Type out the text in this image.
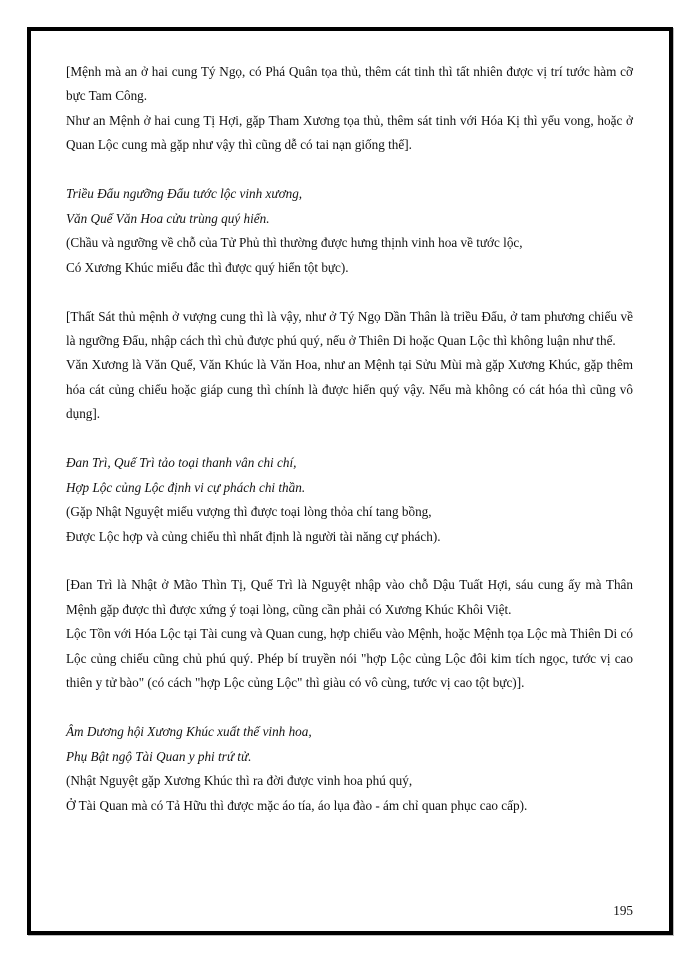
[Mệnh mà an ở hai cung Tý Ngọ, có Phá Quân tọa thủ, thêm cát tinh thì tất nhiên được vị trí tước hàm cỡ bực Tam Công.

Như an Mệnh ở hai cung Tị Hợi, gặp Tham Xương tọa thủ, thêm sát tinh với Hóa Kị thì yểu vong, hoặc ở Quan Lộc cung mà gặp như vậy thì cũng dễ có tai nạn giống thế].

Triều Đẩu ngưỡng Đẩu tước lộc vinh xương,
Văn Quế Văn Hoa cửu trùng quý hiển.
(Chầu và ngưỡng về chỗ của Tử Phủ thì thường được hưng thịnh vinh hoa về tước lộc,
Có Xương Khúc miếu đắc thì được quý hiển tột bực).

[Thất Sát thủ mệnh ở vượng cung thì là vậy, như ở Tý Ngọ Dần Thân là triều Đẩu, ở tam phương chiếu về là ngưỡng Đẩu, nhập cách thì chủ được phú quý, nếu ở Thiên Di hoặc Quan Lộc thì không luận như thế.

Văn Xương là Văn Quế, Văn Khúc là Văn Hoa, như an Mệnh tại Sửu Mùi mà gặp Xương Khúc, gặp thêm hóa cát củng chiếu hoặc giáp cung thì chính là được hiển quý vậy. Nếu mà không có cát hóa thì cũng vô dụng].

Đan Trì, Quế Trì tảo toại thanh vân chi chí,
Hợp Lộc củng Lộc định vi cự phách chi thần.
(Gặp Nhật Nguyệt miếu vượng thì được toại lòng thỏa chí tang bồng,
Được Lộc hợp và củng chiếu thì nhất định là người tài năng cự phách).

[Đan Trì là Nhật ở Mão Thìn Tị, Quế Trì là Nguyệt nhập vào chỗ Dậu Tuất Hợi, sáu cung ấy mà Thân Mệnh gặp được thì được xứng ý toại lòng, cũng cần phải có Xương Khúc Khôi Việt.

Lộc Tồn với Hóa Lộc tại Tài cung và Quan cung, hợp chiếu vào Mệnh, hoặc Mệnh tọa Lộc mà Thiên Di có Lộc củng chiếu cũng chủ phú quý. Phép bí truyền nói "hợp Lộc củng Lộc đôi kim tích ngọc, tước vị cao thiên y tử bào" (có cách "hợp Lộc củng Lộc" thì giàu có vô cùng, tước vị cao tột bực)].

Âm Dương hội Xương Khúc xuất thế vinh hoa,
Phụ Bật ngộ Tài Quan y phi trứ tử.
(Nhật Nguyệt gặp Xương Khúc thì ra đời được vinh hoa phú quý,
Ở Tài Quan mà có Tả Hữu thì được mặc áo tía, áo lụa đào - ám chỉ quan phục cao cấp).
195
